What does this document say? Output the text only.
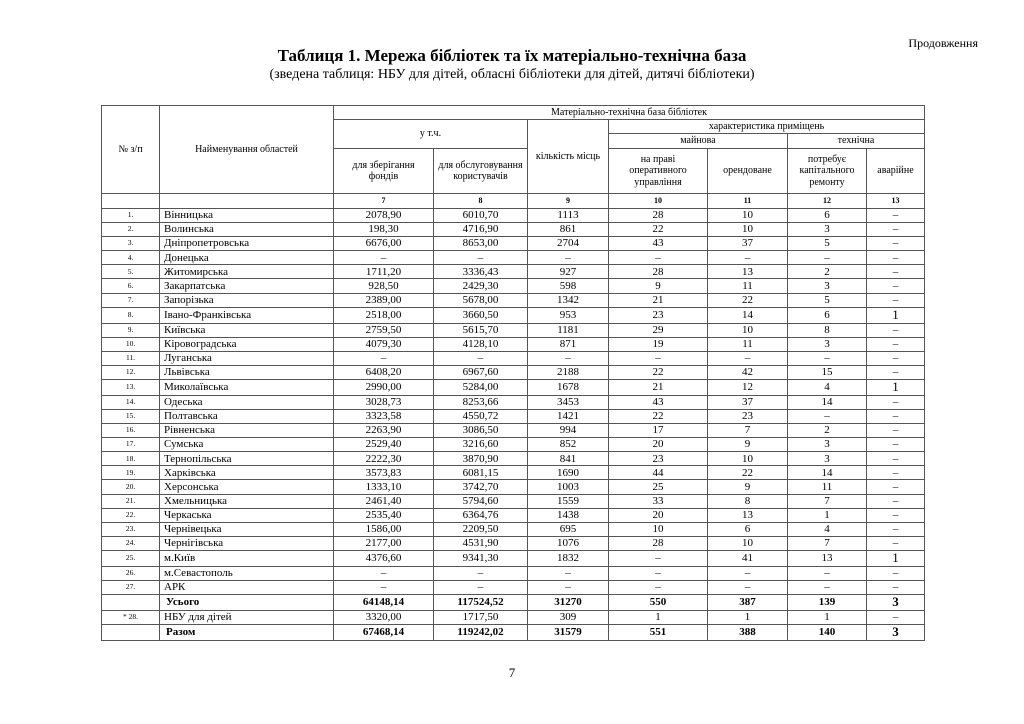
Продовження
Таблиця 1. Мережа бібліотек та їх матеріально-технічна база
(зведена таблиця: НБУ для дітей, обласні бібліотеки для дітей, дитячі бібліотеки)
№ з/п	Найменування областей	Матеріально-технічна база бібліотек						
		у т.ч.		кількість місць	характеристика приміщень			
					майнова		технічна	
		для зберігання фондів	для обслуговування користувачів		на праві оперативного управління	орендоване	потребує капітального ремонту	аварійне
		7	8	9	10	11	12	13
1.	Вінницька	2078,90	6010,70	1113	28	10	6	–
2.	Волинська	198,30	4716,90	861	22	10	3	–
3.	Дніпропетровська	6676,00	8653,00	2704	43	37	5	–
4.	Донецька	–	–	–	–	–	–	–
5.	Житомирська	1711,20	3336,43	927	28	13	2	–
6.	Закарпатська	928,50	2429,30	598	9	11	3	–
7.	Запорізька	2389,00	5678,00	1342	21	22	5	–
8.	Івано-Франківська	2518,00	3660,50	953	23	14	6	1
9.	Київська	2759,50	5615,70	1181	29	10	8	–
10.	Кіровоградська	4079,30	4128,10	871	19	11	3	–
11.	Луганська	–	–	–	–	–	–	–
12.	Львівська	6408,20	6967,60	2188	22	42	15	–
13.	Миколаївська	2990,00	5284,00	1678	21	12	4	1
14.	Одеська	3028,73	8253,66	3453	43	37	14	–
15.	Полтавська	3323,58	4550,72	1421	22	23	–	–
16.	Рівненська	2263,90	3086,50	994	17	7	2	–
17.	Сумська	2529,40	3216,60	852	20	9	3	–
18.	Тернопільська	2222,30	3870,90	841	23	10	3	–
19.	Харківська	3573,83	6081,15	1690	44	22	14	–
20.	Херсонська	1333,10	3742,70	1003	25	9	11	–
21.	Хмельницька	2461,40	5794,60	1559	33	8	7	–
22.	Черкаська	2535,40	6364,76	1438	20	13	1	–
23.	Чернівецька	1586,00	2209,50	695	10	6	4	–
24.	Чернігівська	2177,00	4531,90	1076	28	10	7	–
25.	м.Київ	4376,60	9341,30	1832	–	41	13	1
26.	м.Севастополь	–	–	–	–	–	–	–
27.	АРК	–	–	–	–	–	–	–
	Усього	64148,14	117524,52	31270	550	387	139	3
* 28.	НБУ для дітей	3320,00	1717,50	309	1	1	1	–
	Разом	67468,14	119242,02	31579	551	388	140	3
7
